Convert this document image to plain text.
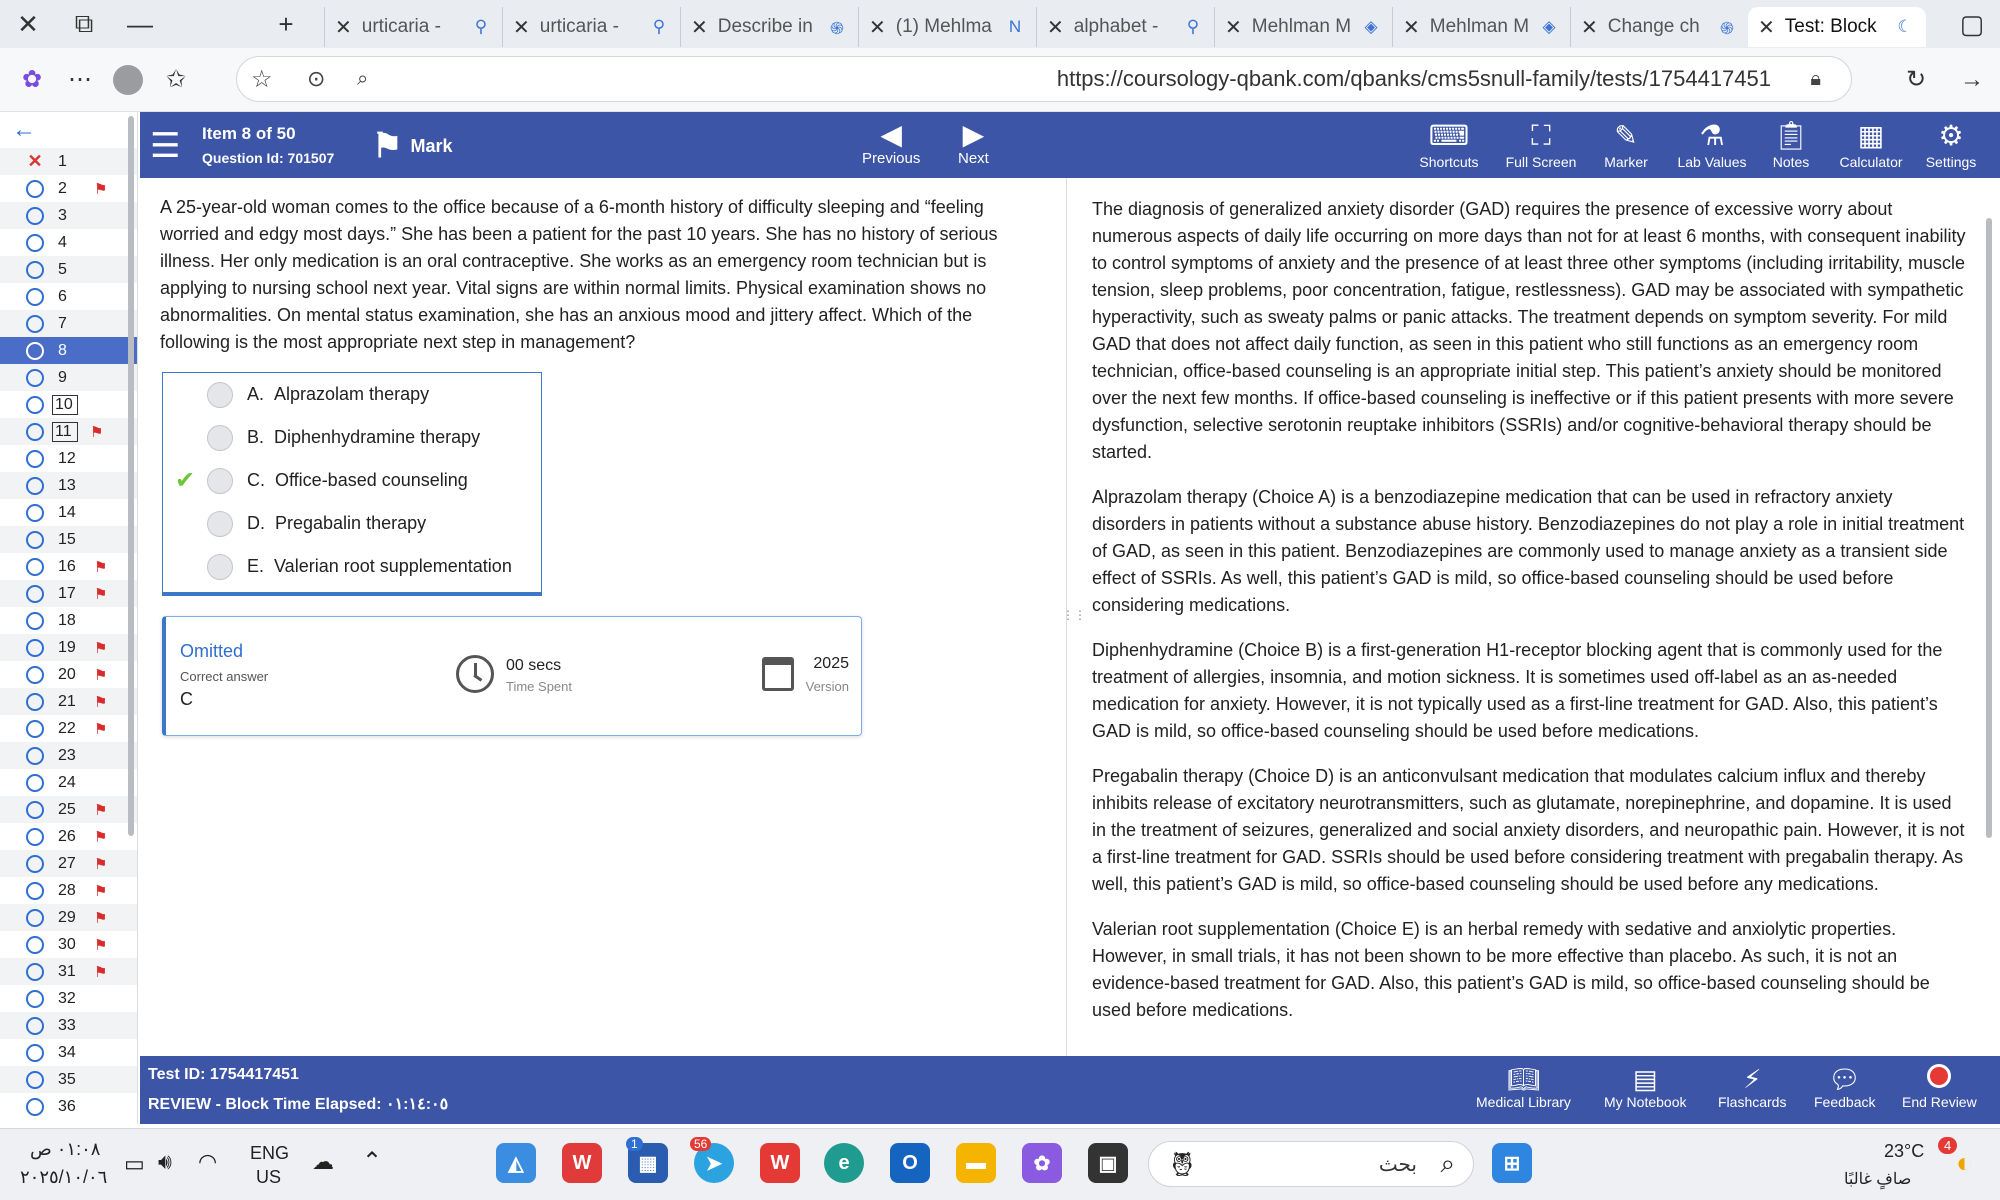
✕	⧉	—	+	✕ urticaria -	⚲ ✕ urticaria -	⚲ ✕ Describe in	֍ ✕ (1) Mehlma	N ✕ alphabet -	⚲ ✕ Mehlman M ◈ ✕ Mehlman M ◈ ✕ Change ch	֍ ✕ Test: Block	☾	▢
✿	⋯	✩	☆ ⊙ ⌕	https://coursology-qbank.com/qbanks/cms5snull-family/tests/1754417451 🔒︎	↻	→
←
✕ 1
2	⚑
3
4
5
6
7
8
9
10
11	⚑
12
13
14
15
16	⚑
17	⚑
18
19	⚑
20	⚑
21	⚑
22	⚑
23
24
25	⚑
26	⚑
27	⚑
28	⚑
29	⚑
30	⚑
31	⚑
32
33
34
35
36
☰ Item 8 of 50
Question Id: 701507 ⚑ Mark	◀
Previous
▶
Next
⌨
Shortcuts
⛶
Full Screen
✎
Marker
⚗
Lab Values
📋︎
Notes
▦
Calculator
⚙
Settings
A 25-year-old woman comes to the office because of a 6-month history of difficulty sleeping and “feeling worried and edgy most days.” She has been a patient for the past 10 years. She has no history of serious illness. Her only medication is an oral contraceptive. She works as an emergency room technician but is applying to nursing school next year. Vital signs are within normal limits. Physical examination shows no abnormalities. On mental status examination, she has an anxious mood and jittery affect. Which of the following is the most appropriate next step in management?
A. Alprazolam therapy
B. Diphenhydramine therapy
✔	C. Office-based counseling
D. Pregabalin therapy
E. Valerian root supplementation
Omitted
Correct answer
C
00 secs
Time Spent
2025
Version
⋮⋮

The diagnosis of generalized anxiety disorder (GAD) requires the presence of excessive worry about numerous aspects of daily life occurring on more days than not for at least 6 months, with consequent inability to control symptoms of anxiety and the presence of at least three other symptoms (including irritability, muscle tension, sleep problems, poor concentration, fatigue, restlessness). GAD may be associated with sympathetic hyperactivity, such as sweaty palms or panic attacks. The treatment depends on symptom severity. For mild GAD that does not affect daily function, as seen in this patient who still functions as an emergency room technician, office-based counseling is an appropriate initial step. This patient’s anxiety should be monitored over the next few months. If office-based counseling is ineffective or if this patient presents with more severe dysfunction, selective serotonin reuptake inhibitors (SSRIs) and/or cognitive-behavioral therapy should be started.

Alprazolam therapy (Choice A) is a benzodiazepine medication that can be used in refractory anxiety disorders in patients without a substance abuse history. Benzodiazepines do not play a role in initial treatment of GAD, as seen in this patient. Benzodiazepines are commonly used to manage anxiety as a transient side effect of SSRIs. As well, this patient’s GAD is mild, so office-based counseling should be used before considering medications.

Diphenhydramine (Choice B) is a first-generation H1-receptor blocking agent that is commonly used for the treatment of allergies, insomnia, and motion sickness. It is sometimes used off-label as an as-needed medication for anxiety. However, it is not typically used as a first-line treatment for GAD. Also, this patient’s GAD is mild, so office-based counseling should be used before medications.

Pregabalin therapy (Choice D) is an anticonvulsant medication that modulates calcium influx and thereby inhibits release of excitatory neurotransmitters, such as glutamate, norepinephrine, and dopamine. It is used in the treatment of seizures, generalized and social anxiety disorders, and neuropathic pain. However, it is not a first-line treatment for GAD. SSRIs should be used before considering treatment with pregabalin therapy. As well, this patient’s GAD is mild, so office-based counseling should be used before any medications.

Valerian root supplementation (Choice E) is an herbal remedy with sedative and anxiolytic properties. However, in small trials, it has not been shown to be more effective than placebo. As such, it is not an evidence-based treatment for GAD. Also, this patient’s GAD is mild, so office-based counseling should be used before medications.

Test ID: 1754417451
REVIEW - Block Time Elapsed: ٠١:١٤:٠٥
📖︎
Medical Library
▤
My Notebook
⚡︎
Flashcards
💬︎
Feedback End Review
٠١:٠٨ ص
٢٠٢٥/١٠/٠٦
▭ 🔊︎ ◠ ENG
US
☁ ⌃	◭	W	▦
1
➤
56
W	e	O	▬	✿	▣	🦉︎	بحث ⌕	⊞
23°C
صافٍ غالبًا
4
◐
